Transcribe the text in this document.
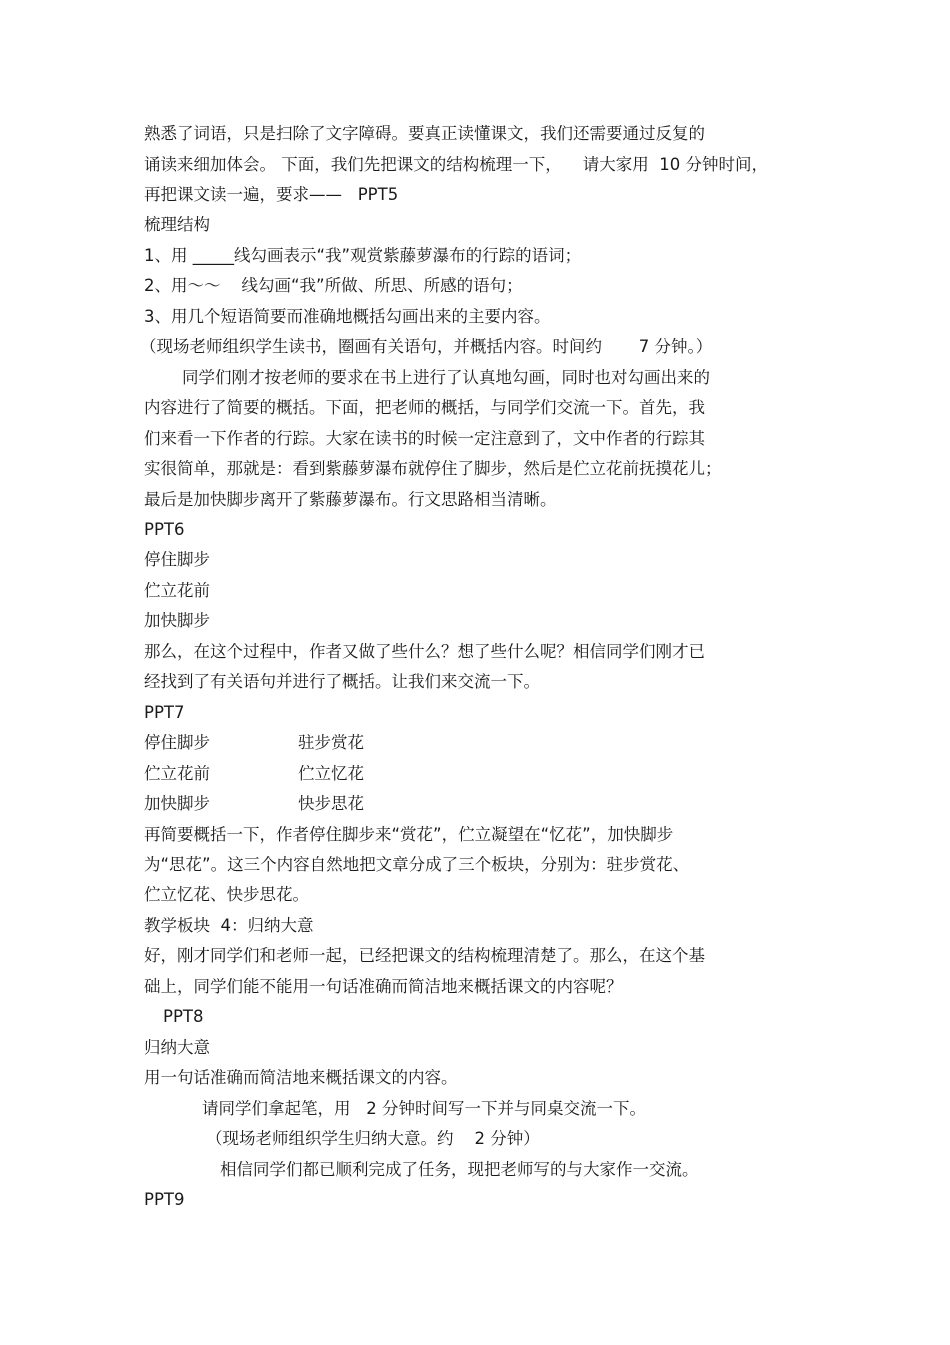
熟悉了词语，只是扫除了文字障碍。要真正读懂课文，我们还需要通过反复的
诵读来细加体会。 下面，我们先把课文的结构梳理一下，    请大家用  10 分钟时间，
再把课文读一遍，要求——   PPT5
梳理结构
1、用 _____线勾画表示“我”观赏紫藤萝瀑布的行踪的语词；
2、用～～    线勾画“我”所做、所思、所感的语句；
3、用几个短语简要而准确地概括勾画出来的主要内容。
（现场老师组织学生读书，圈画有关语句，并概括内容。时间约       7 分钟。）
同学们刚才按老师的要求在书上进行了认真地勾画，同时也对勾画出来的
内容进行了简要的概括。下面，把老师的概括，与同学们交流一下。首先，我
们来看一下作者的行踪。大家在读书的时候一定注意到了，文中作者的行踪其
实很简单，那就是：看到紫藤萝瀑布就停住了脚步，然后是伫立花前抚摸花儿；
最后是加快脚步离开了紫藤萝瀑布。行文思路相当清晰。
PPT6
停住脚步
伫立花前
加快脚步
那么，在这个过程中，作者又做了些什么？想了些什么呢？相信同学们刚才已
经找到了有关语句并进行了概括。让我们来交流一下。
PPT7
停住脚步	驻步赏花
伫立花前	伫立忆花
加快脚步	快步思花
再简要概括一下，作者停住脚步来“赏花”，伫立凝望在“忆花”，加快脚步
为“思花”。这三个内容自然地把文章分成了三个板块，分别为：驻步赏花、
伫立忆花、快步思花。
教学板块  4：归纳大意
好，刚才同学们和老师一起，已经把课文的结构梳理清楚了。那么，在这个基
础上，同学们能不能用一句话准确而简洁地来概括课文的内容呢？
PPT8
归纳大意
用一句话准确而简洁地来概括课文的内容。
请同学们拿起笔，用   2 分钟时间写一下并与同桌交流一下。
（现场老师组织学生归纳大意。约    2 分钟）
相信同学们都已顺利完成了任务，现把老师写的与大家作一交流。
PPT9
